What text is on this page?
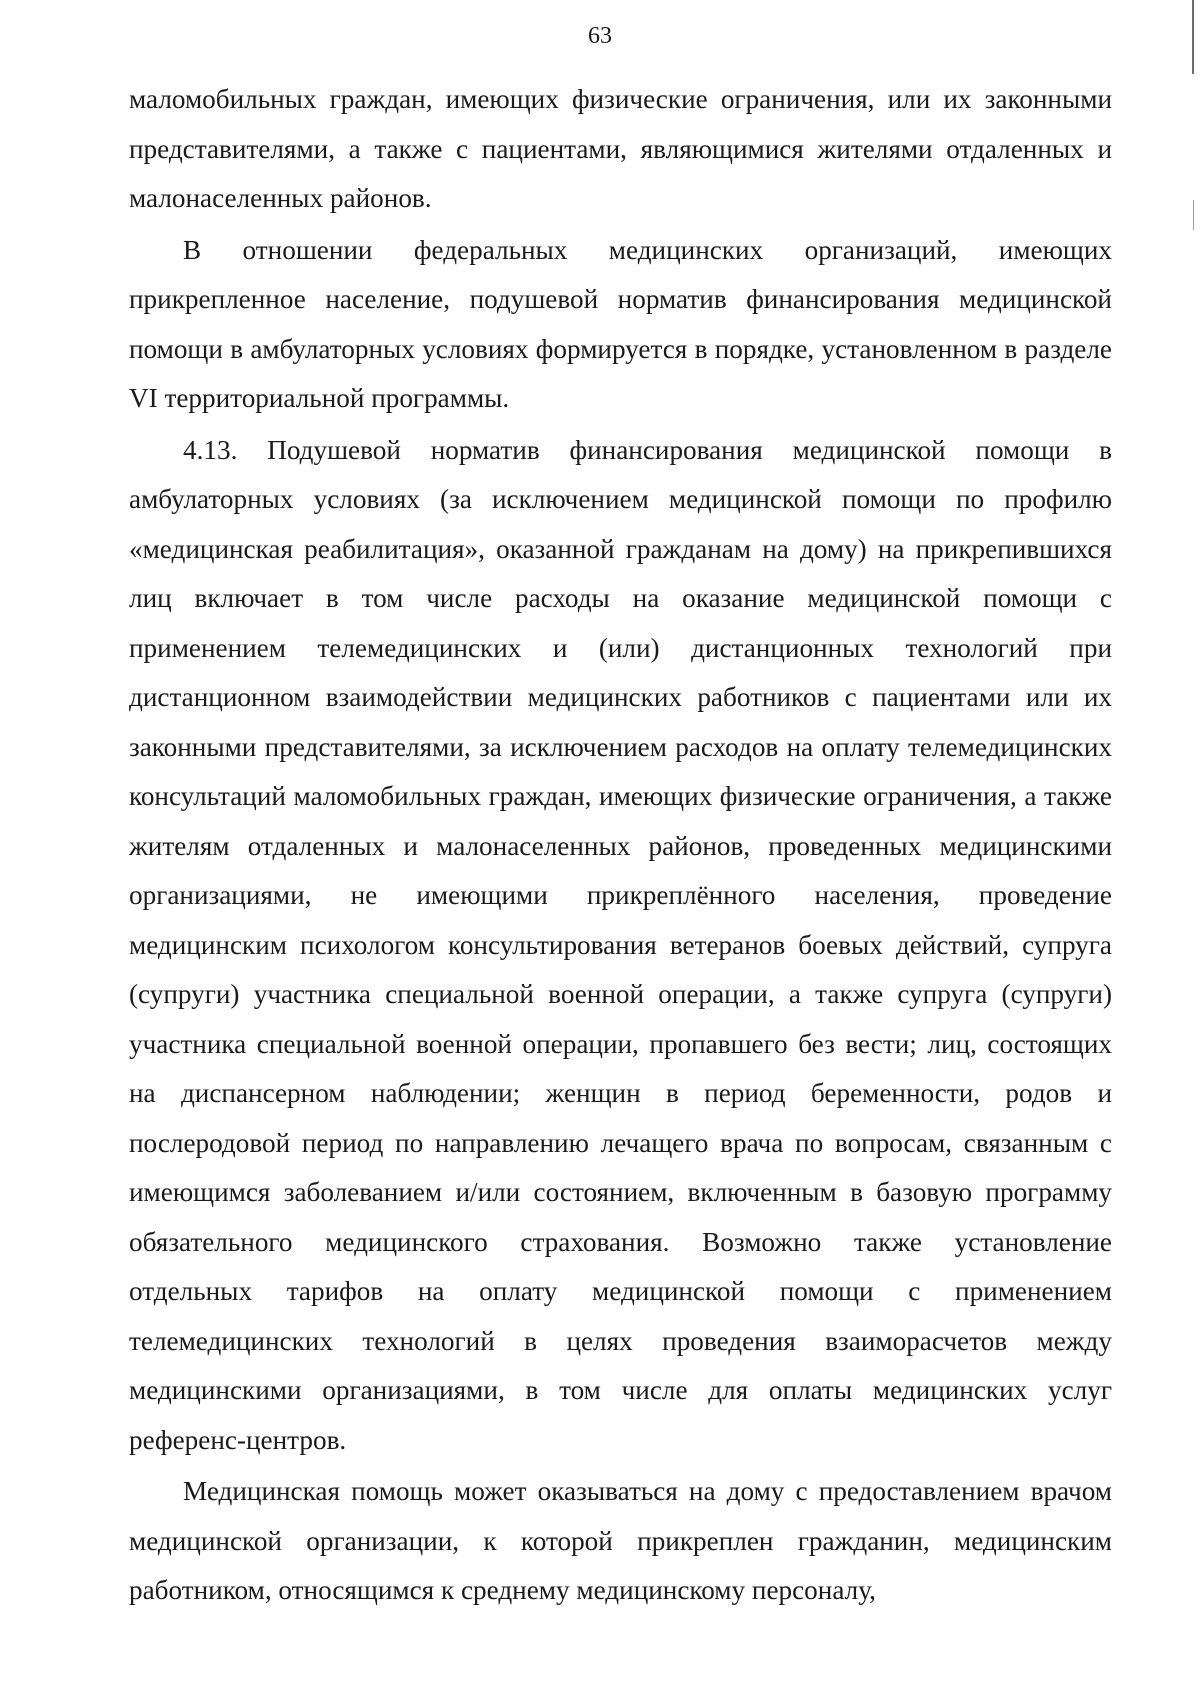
63

маломобильных граждан, имеющих физические ограничения, или их законными представителями, а также с пациентами, являющимися жителями отдаленных и малонаселенных районов.

В отношении федеральных медицинских организаций, имеющих прикрепленное население, подушевой норматив финансирования медицинской помощи в амбулаторных условиях формируется в порядке, установленном в разделе VI территориальной программы.

4.13. Подушевой норматив финансирования медицинской помощи в амбулаторных условиях (за исключением медицинской помощи по профилю «медицинская реабилитация», оказанной гражданам на дому) на прикрепившихся лиц включает в том числе расходы на оказание медицинской помощи с применением телемедицинских и (или) дистанционных технологий при дистанционном взаимодействии медицинских работников с пациентами или их законными представителями, за исключением расходов на оплату телемедицинских консультаций маломобильных граждан, имеющих физические ограничения, а также жителям отдаленных и малонаселенных районов, проведенных медицинскими организациями, не имеющими прикреплённого населения, проведение медицинским психологом консультирования ветеранов боевых действий, супруга (супруги) участника специальной военной операции, а также супруга (супруги) участника специальной военной операции, пропавшего без вести; лиц, состоящих на диспансерном наблюдении; женщин в период беременности, родов и послеродовой период по направлению лечащего врача по вопросам, связанным с имеющимся заболеванием и/или состоянием, включенным в базовую программу обязательного медицинского страхования. Возможно также установление отдельных тарифов на оплату медицинской помощи с применением телемедицинских технологий в целях проведения взаиморасчетов между медицинскими организациями, в том числе для оплаты медицинских услуг референс-центров.

Медицинская помощь может оказываться на дому с предоставлением врачом медицинской организации, к которой прикреплен гражданин, медицинским работником, относящимся к среднему медицинскому персоналу,
